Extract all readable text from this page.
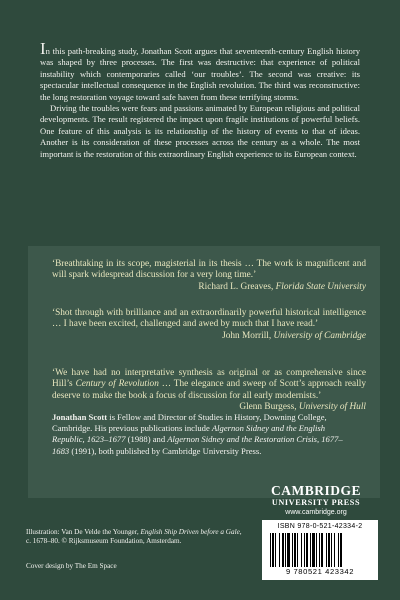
In this path-breaking study, Jonathan Scott argues that seventeenth-century English history was shaped by three processes. The first was destructive: that experience of political instability which contemporaries called ‘our troubles’. The second was creative: its spectacular intellectual consequence in the English revolution. The third was reconstructive: the long restoration voyage toward safe haven from these terrifying storms.

Driving the troubles were fears and passions animated by European religious and political developments. The result registered the impact upon fragile institutions of powerful beliefs. One feature of this analysis is its relationship of the history of events to that of ideas. Another is its consideration of these processes across the century as a whole. The most important is the restoration of this extraordinary English experience to its European context.

‘Breathtaking in its scope, magisterial in its thesis … The work is magnificent and will spark widespread discussion for a very long time.’
Richard L. Greaves, Florida State University
‘Shot through with brilliance and an extraordinarily powerful historical intelligence … I have been excited, challenged and awed by much that I have read.’
John Morrill, University of Cambridge
‘We have had no interpretative synthesis as original or as comprehensive since Hill’s Century of Revolution … The elegance and sweep of Scott’s approach really deserve to make the book a focus of discussion for all early modernists.’
Glenn Burgess, University of Hull
Jonathan Scott is Fellow and Director of Studies in History, Downing College, Cambridge. His previous publications include Algernon Sidney and the English Republic, 1623–1677 (1988) and Algernon Sidney and the Restoration Crisis, 1677–1683 (1991), both published by Cambridge University Press.
CAMBRIDGE
UNIVERSITY PRESS
www.cambridge.org
ISBN 978-0-521-42334-2
9 780521 423342
Illustration: Van De Velde the Younger, English Ship Driven before a Gale, c. 1678–80. © Rijksmuseum Foundation, Amsterdam.
Cover design by The Em Space
